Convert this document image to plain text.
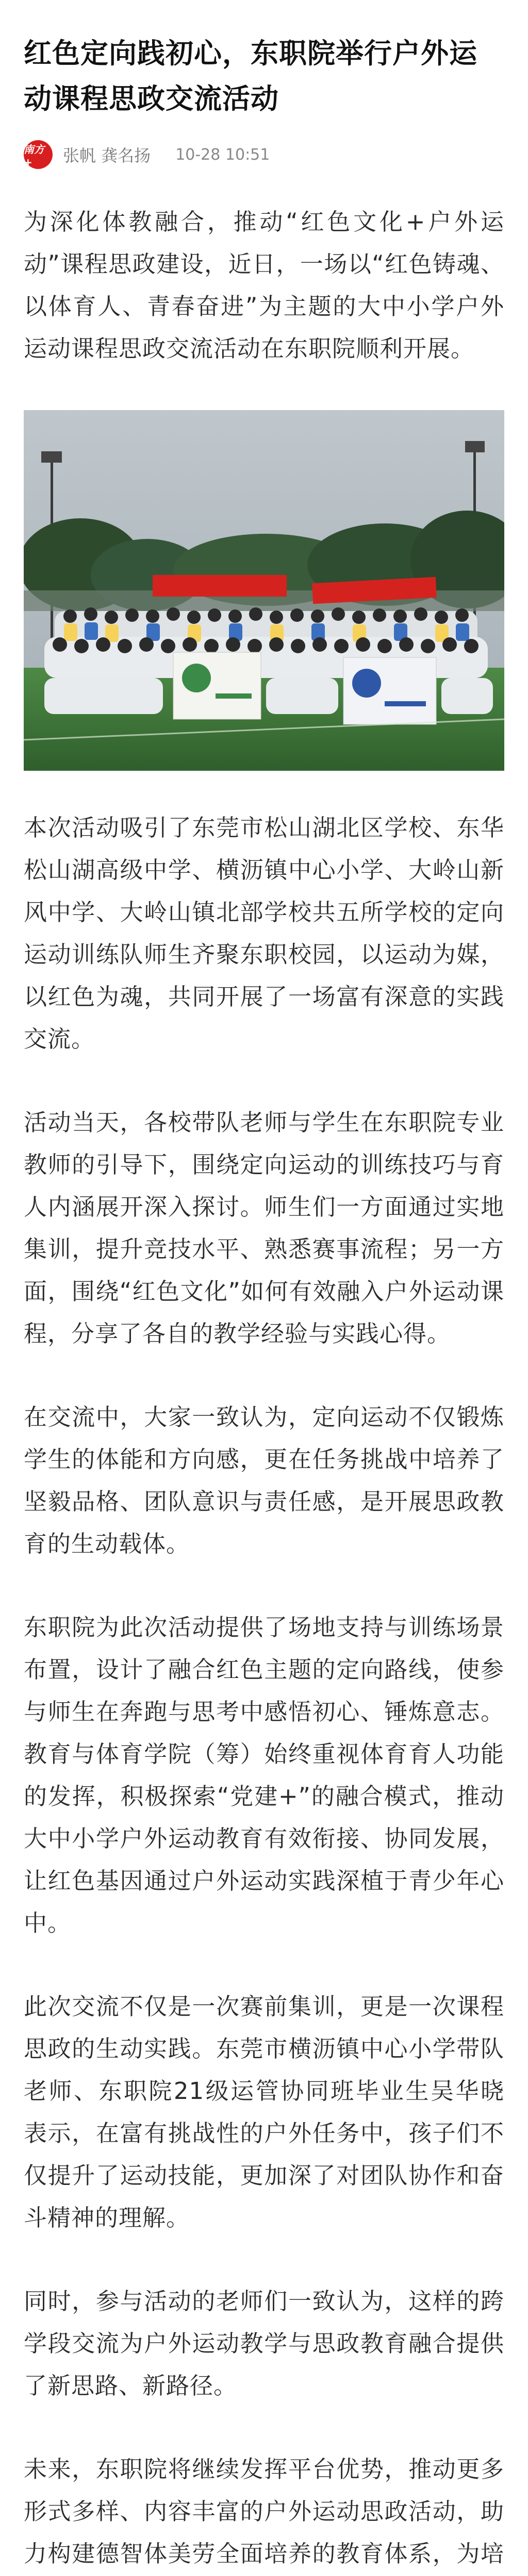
红色定向践初心，东职院举行户外运动课程思政交流活动
南方+	张帆 龚名扬 10-28 10:51

为深化体教融合，推动“红色文化+户外运动”课程思政建设，近日，一场以“红色铸魂、以体育人、青春奋进”为主题的大中小学户外运动课程思政交流活动在东职院顺利开展。

本次活动吸引了东莞市松山湖北区学校、东华松山湖高级中学、横沥镇中心小学、大岭山新风中学、大岭山镇北部学校共五所学校的定向运动训练队师生齐聚东职校园，以运动为媒，以红色为魂，共同开展了一场富有深意的实践交流。

活动当天，各校带队老师与学生在东职院专业教师的引导下，围绕定向运动的训练技巧与育人内涵展开深入探讨。师生们一方面通过实地集训，提升竞技水平、熟悉赛事流程；另一方面，围绕“红色文化”如何有效融入户外运动课程，分享了各自的教学经验与实践心得。

在交流中，大家一致认为，定向运动不仅锻炼学生的体能和方向感，更在任务挑战中培养了坚毅品格、团队意识与责任感，是开展思政教育的生动载体。

东职院为此次活动提供了场地支持与训练场景布置，设计了融合红色主题的定向路线，使参与师生在奔跑与思考中感悟初心、锤炼意志。教育与体育学院（筹）始终重视体育育人功能的发挥，积极探索“党建+”的融合模式，推动大中小学户外运动教育有效衔接、协同发展，让红色基因通过户外运动实践深植于青少年心中。

此次交流不仅是一次赛前集训，更是一次课程思政的生动实践。东莞市横沥镇中心小学带队老师、东职院21级运管协同班毕业生吴华晓表示，在富有挑战性的户外任务中，孩子们不仅提升了运动技能，更加深了对团队协作和奋斗精神的理解。

同时，参与活动的老师们一致认为，这样的跨学段交流为户外运动教学与思政教育融合提供了新思路、新路径。

未来，东职院将继续发挥平台优势，推动更多形式多样、内容丰富的户外运动思政活动，助力构建德智体美劳全面培养的教育体系，为培
